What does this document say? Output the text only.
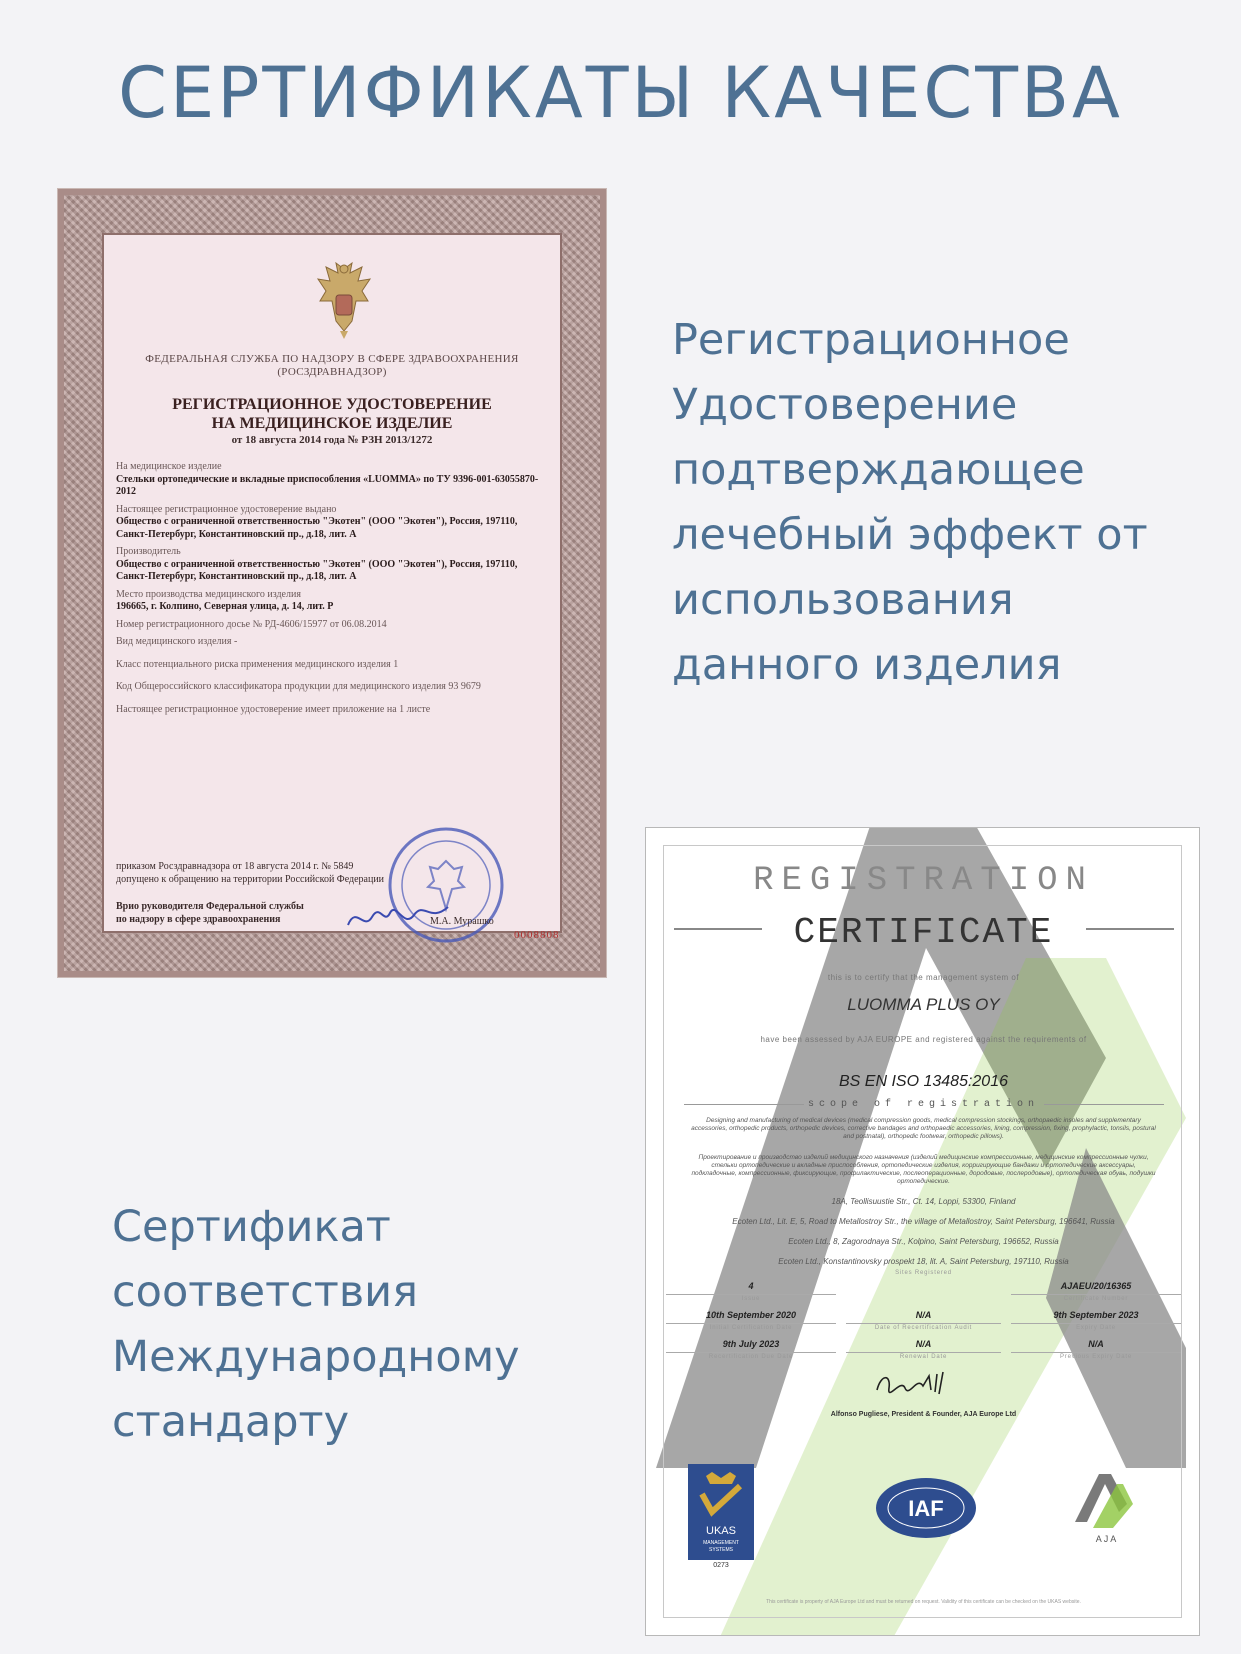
СЕРТИФИКАТЫ КАЧЕСТВА
Регистрационное
Удостоверение
подтверждающее
лечебный эффект от
использования
данного изделия
Сертификат
соответствия
Международному
стандарту
ФЕДЕРАЛЬНАЯ СЛУЖБА ПО НАДЗОРУ В СФЕРЕ ЗДРАВООХРАНЕНИЯ
(РОСЗДРАВНАДЗОР)
РЕГИСТРАЦИОННОЕ УДОСТОВЕРЕНИЕ
НА МЕДИЦИНСКОЕ ИЗДЕЛИЕ
от 18 августа 2014 года № РЗН 2013/1272
На медицинское изделие
Стельки ортопедические и вкладные приспособления «LUOMMA» по ТУ 9396-001-63055870-2012
Настоящее регистрационное удостоверение выдано
Общество с ограниченной ответственностью "Экотен" (ООО "Экотен"), Россия, 197110, Санкт-Петербург, Константиновский пр., д.18, лит. А
Производитель
Общество с ограниченной ответственностью "Экотен" (ООО "Экотен"), Россия, 197110, Санкт-Петербург, Константиновский пр., д.18, лит. А
Место производства медицинского изделия
196665, г. Колпино, Северная улица, д. 14, лит. Р
Номер регистрационного досье № РД-4606/15977 от 06.08.2014
Вид медицинского изделия -
Класс потенциального риска применения медицинского изделия 1
Код Общероссийского классификатора продукции для медицинского изделия 93 9679
Настоящее регистрационное удостоверение имеет приложение на 1 листе
приказом Росздравнадзора от 18 августа 2014 г. № 5849 допущено к обращению на территории Российской Федерации
Врио руководителя Федеральной службы по надзору в сфере здравоохранения	М.А. Мурашко
0008808
REGISTRATION
CERTIFICATE
this is to certify that the management system of
LUOMMA PLUS OY
have been assessed by AJA EUROPE and registered against the requirements of
BS EN ISO 13485:2016
scope of registration
Designing and manufacturing of medical devices (medical compression goods, medical compression stockings, orthopaedic insoles and supplementary accessories, orthopedic products, orthopedic devices, corrective bandages and orthopaedic accessories, lining, compression, fixing, prophylactic, tonsils, postural and postnatal), orthopedic footwear, orthopedic pillows).
Проектирование и производство изделий медицинского назначения (изделий медицинские компрессионные, медицинские компрессионные чулки, стельки ортопедические и вкладные приспособления, ортопедические изделия, корригирующие бандажи и ортопедические аксессуары, подкладочные, компрессионные, фиксирующие, профилактические, послеоперационные, дородовые, послеродовые), ортопедическая обувь, подушки ортопедические.
18A, Teollisuustie Str., Ct. 14, Loppi, 53300, Finland
Ecoten Ltd., Lit. E, 5, Road to Metallostroy Str., the village of Metallostroy, Saint Petersburg, 196641, Russia
Ecoten Ltd., 8, Zagorodnaya Str., Kolpino, Saint Petersburg, 196652, Russia
Ecoten Ltd., Konstantinovsky prospekt 18, lit. A, Saint Petersburg, 197110, Russia
Sites Registered
4
Issue
AJAEU/20/16365
Certificate Number
10th September 2020
Initial Certification Date
N/A
Date of Recertification Audit
9th September 2023
Expiry Date
9th July 2023
Recertification Due Date
N/A
Renewal Date
N/A
Previous Expiry Date
Alfonso Pugliese, President & Founder, AJA Europe Ltd
UKAS
MANAGEMENT
SYSTEMS
0273
IAF
A J A
This certificate is property of AJA Europe Ltd and must be returned on request. Validity of this certificate can be checked on the UKAS website.
